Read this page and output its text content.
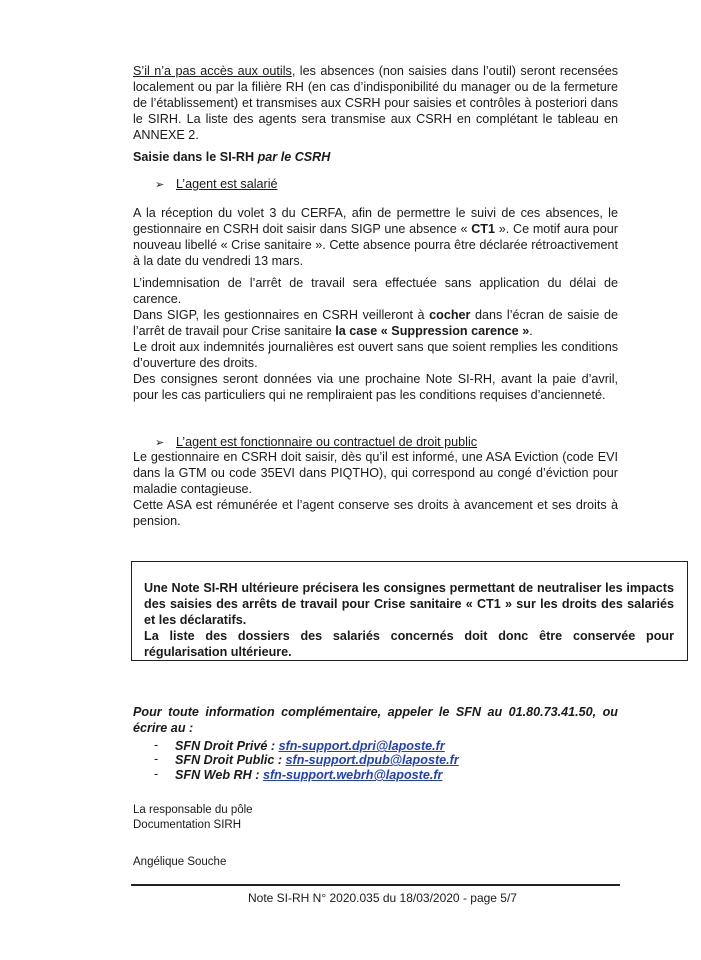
S’il n’a pas accès aux outils, les absences (non saisies dans l’outil) seront recensées localement ou par la filière RH (en cas d’indisponibilité du manager ou de la fermeture de l’établissement) et transmises aux CSRH pour saisies et contrôles à posteriori dans le SIRH. La liste des agents sera transmise aux CSRH en complétant le tableau en ANNEXE 2.
Saisie dans le SI-RH par le CSRH
➢ L’agent est salarié
A la réception du volet 3 du CERFA, afin de permettre le suivi de ces absences, le gestionnaire en CSRH doit saisir dans SIGP une absence « CT1 ». Ce motif aura pour nouveau libellé « Crise sanitaire ». Cette absence pourra être déclarée rétroactivement à la date du vendredi 13 mars.
L’indemnisation de l’arrêt de travail sera effectuée sans application du délai de carence.
Dans SIGP, les gestionnaires en CSRH veilleront à cocher dans l’écran de saisie de l’arrêt de travail pour Crise sanitaire la case « Suppression carence ».
Le droit aux indemnités journalières est ouvert sans que soient remplies les conditions d’ouverture des droits.
Des consignes seront données via une prochaine Note SI-RH, avant la paie d’avril, pour les cas particuliers qui ne rempliraient pas les conditions requises d’ancienneté.
➢ L’agent est fonctionnaire ou contractuel de droit public
Le gestionnaire en CSRH doit saisir, dès qu’il est informé, une ASA Eviction (code EVI dans la GTM ou code 35EVI dans PIQTHO), qui correspond au congé d’éviction pour maladie contagieuse.
Cette ASA est rémunérée et l’agent conserve ses droits à avancement et ses droits à pension.
Une Note SI-RH ultérieure précisera les consignes permettant de neutraliser les impacts des saisies des arrêts de travail pour Crise sanitaire « CT1 » sur les droits des salariés et les déclaratifs.
La liste des dossiers des salariés concernés doit donc être conservée pour régularisation ultérieure.
Pour toute information complémentaire, appeler le SFN au 01.80.73.41.50, ou écrire au :
- SFN Droit Privé : sfn-support.dpri@laposte.fr
- SFN Droit Public : sfn-support.dpub@laposte.fr
- SFN Web RH : sfn-support.webrh@laposte.fr
La responsable du pôle
Documentation SIRH
Angélique Souche
Note SI-RH N° 2020.035 du 18/03/2020 - page 5/7
